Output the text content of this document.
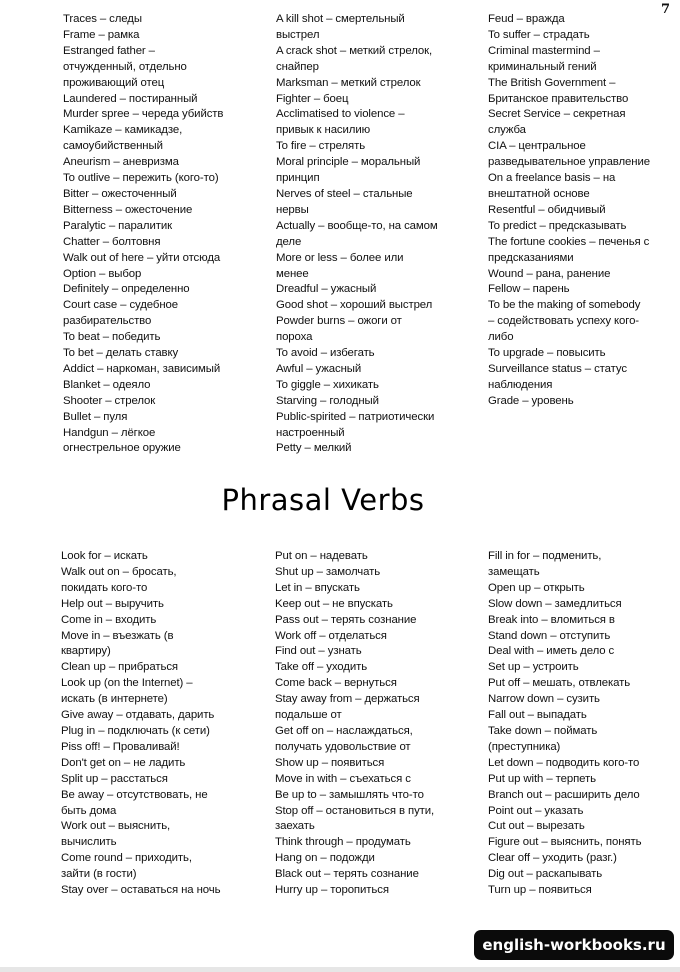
7
Traces – следы
Frame – рамка
Estranged father –
отчужденный, отдельно
проживающий отец
Laundered – постиранный
Murder spree – череда убийств
Kamikaze – камикадзе,
самоубийственный
Aneurism – аневризма
To outlive – пережить (кого-то)
Bitter – ожесточенный
Bitterness – ожесточение
Paralytic – паралитик
Chatter – болтовня
Walk out of here – уйти отсюда
Option – выбор
Definitely – определенно
Court case – судебное
разбирательство
To beat – победить
To bet – делать ставку
Addict – наркоман, зависимый
Blanket – одеяло
Shooter – стрелок
Bullet – пуля
Handgun – лёгкое
огнестрельное оружие
A kill shot – смертельный
выстрел
A crack shot – меткий стрелок,
снайпер
Marksman – меткий стрелок
Fighter – боец
Acclimatised to violence –
привык к насилию
To fire – стрелять
Moral principle – моральный
принцип
Nerves of steel – стальные
нервы
Actually – вообще-то, на самом
деле
More or less – более или
менее
Dreadful – ужасный
Good shot – хороший выстрел
Powder burns – ожоги от
пороха
To avoid – избегать
Awful – ужасный
To giggle – хихикать
Starving – голодный
Public-spirited – патриотически
настроенный
Petty – мелкий
Feud – вражда
To suffer – страдать
Criminal mastermind –
криминальный гений
The British Government –
Британское правительство
Secret Service – секретная
служба
CIA – центральное
разведывательное управление
On a freelance basis – на
внештатной основе
Resentful – обидчивый
To predict – предсказывать
The fortune cookies – печенья с
предсказаниями
Wound – рана, ранение
Fellow – парень
To be the making of somebody
– содействовать успеху кого-
либо
To upgrade – повысить
Surveillance status – статус
наблюдения
Grade – уровень
Phrasal Verbs
Look for – искать
Walk out on – бросать,
покидать кого-то
Help out – выручить
Come in – входить
Move in – въезжать (в
квартиру)
Clean up – прибраться
Look up (on the Internet) –
искать (в интернете)
Give away – отдавать, дарить
Plug in – подключать (к сети)
Piss off! – Проваливай!
Don't get on – не ладить
Split up – расстаться
Be away – отсутствовать, не
быть дома
Work out – выяснить,
вычислить
Come round – приходить,
зайти (в гости)
Stay over – оставаться на ночь
Put on – надевать
Shut up – замолчать
Let in – впускать
Keep out – не впускать
Pass out – терять сознание
Work off – отделаться
Find out – узнать
Take off – уходить
Come back – вернуться
Stay away from – держаться
подальше от
Get off on – наслаждаться,
получать удовольствие от
Show up – появиться
Move in with – съехаться с
Be up to – замышлять что-то
Stop off – остановиться в пути,
заехать
Think through – продумать
Hang on – подожди
Black out – терять сознание
Hurry up – торопиться
Fill in for – подменить,
замещать
Open up – открыть
Slow down – замедлиться
Break into – вломиться в
Stand down – отступить
Deal with – иметь дело с
Set up – устроить
Put off – мешать, отвлекать
Narrow down – сузить
Fall out – выпадать
Take down – поймать
(преступника)
Let down – подводить кого-то
Put up with – терпеть
Branch out – расширить дело
Point out – указать
Cut out – вырезать
Figure out – выяснить, понять
Clear off – уходить (разг.)
Dig out – раскапывать
Turn up – появиться
english-workbooks.ru
